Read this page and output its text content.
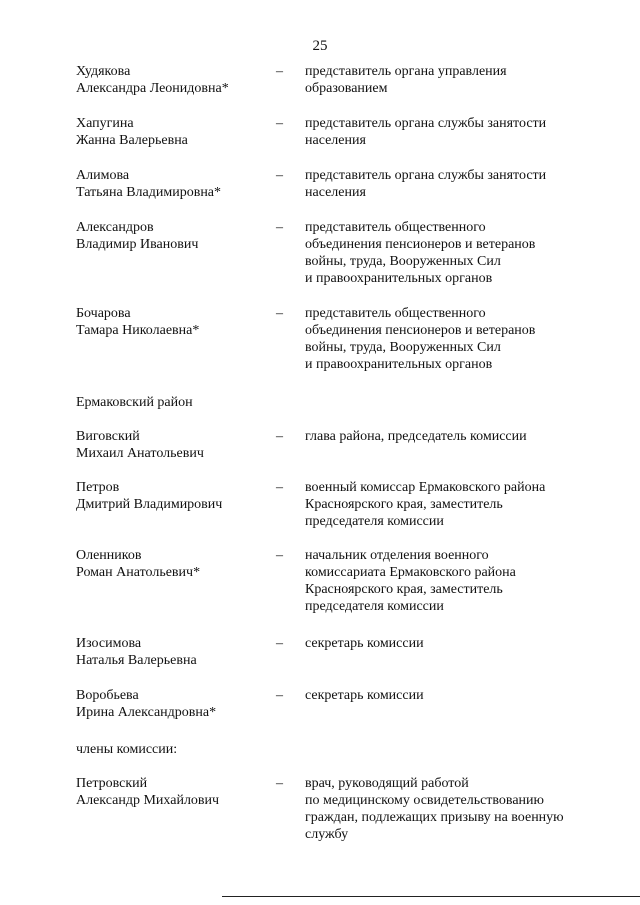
25
Худякова
Александра Леонидовна*
– представитель органа управления
образованием
Хапугина
Жанна Валерьевна
– представитель органа службы занятости
населения
Алимова
Татьяна Владимировна*
– представитель органа службы занятости
населения
Александров
Владимир Иванович
– представитель общественного
объединения пенсионеров и ветеранов
войны, труда, Вооруженных Сил
и правоохранительных органов
Бочарова
Тамара Николаевна*
– представитель общественного
объединения пенсионеров и ветеранов
войны, труда, Вооруженных Сил
и правоохранительных органов
Ермаковский район
Виговский
Михаил Анатольевич
– глава района, председатель комиссии
Петров
Дмитрий Владимирович
– военный комиссар Ермаковского района
Красноярского края, заместитель
председателя комиссии
Оленников
Роман Анатольевич*
– начальник отделения военного
комиссариата Ермаковского района
Красноярского края, заместитель
председателя комиссии
Изосимова
Наталья Валерьевна
– секретарь комиссии
Воробьева
Ирина Александровна*
– секретарь комиссии
члены комиссии:
Петровский
Александр Михайлович
– врач, руководящий работой
по медицинскому освидетельствованию
граждан, подлежащих призыву на военную
службу
